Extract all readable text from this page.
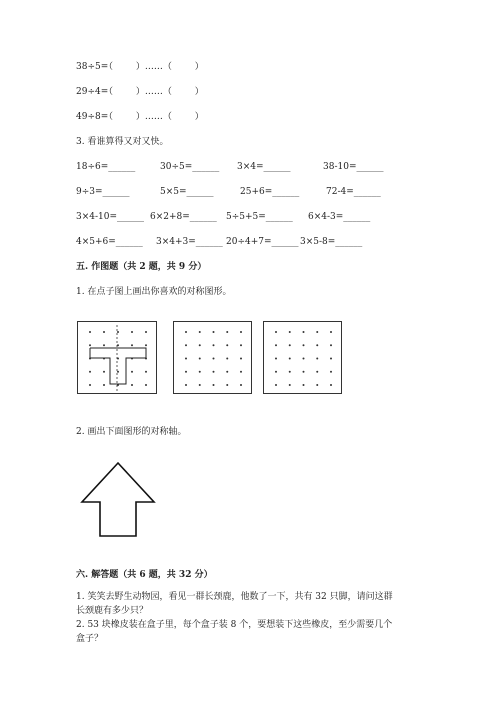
38÷5=
（        ）……（        ）
29÷4=
（        ）……（        ）
49÷8=
（        ）……（        ）
3. 看谁算得又对又快。
18÷6=______	30÷5=______ 3×4=______	38-10=______
9÷3=______	5×5=______	25+6=______	72-4=______
3×4-10=______ 6×2+8=______ 5÷5+5=______ 6×4-3=______
4×5+6=______ 3×4+3=______ 20÷4+7=______ 3×5-8=______
五. 作图题（共 2 题，共 9 分）
1. 在点子图上画出你喜欢的对称图形。
2. 画出下面图形的对称轴。
六. 解答题（共 6 题，共 32 分）
1. 笑笑去野生动物园，看见一群长颈鹿，他数了一下，共有 32 只脚，请问这群
长颈鹿有多少只？
2. 53 块橡皮装在盒子里，每个盒子装 8 个，要想装下这些橡皮，至少需要几个
盒子？
